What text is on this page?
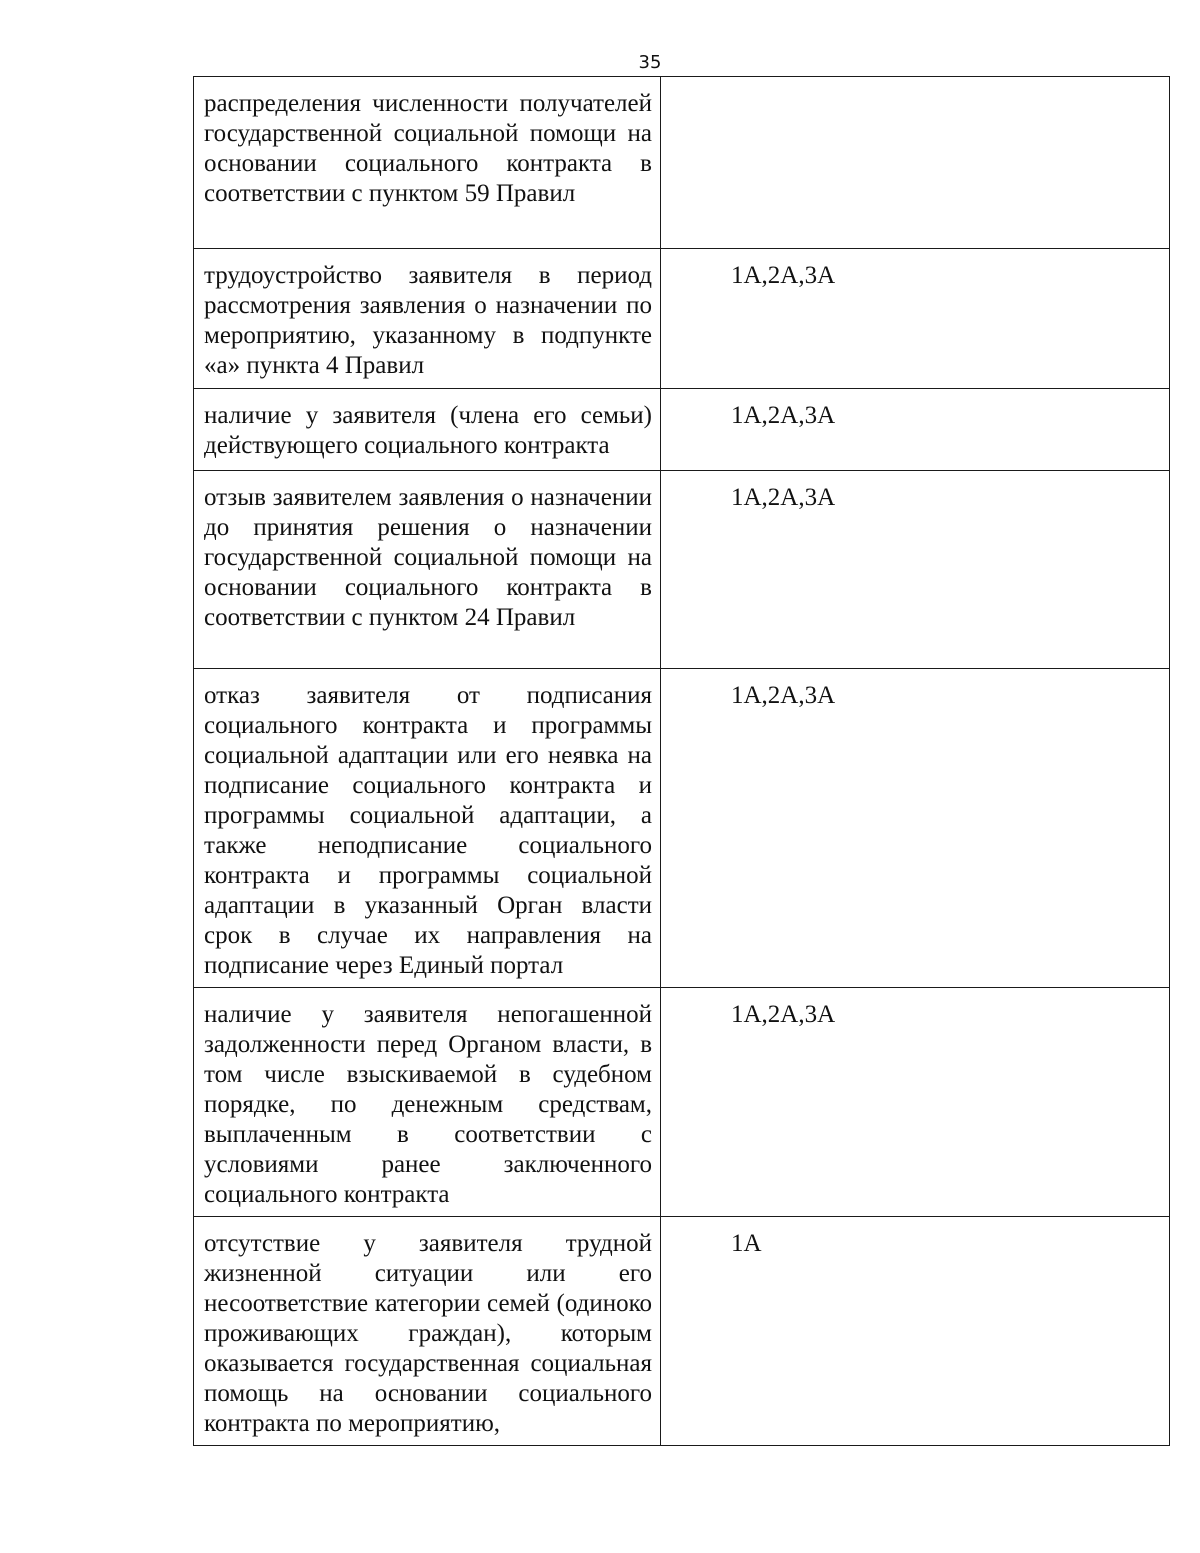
35
распределения численности получателей государственной социальной помощи на основании социального контракта в соответствии с пунктом 59 Правил	
трудоустройство заявителя в период рассмотрения заявления о назначении по мероприятию, указанному в подпункте «а» пункта 4 Правил	1А,2А,3А
наличие у заявителя (члена его семьи) действующего социального контракта	1А,2А,3А
отзыв заявителем заявления о назначении до принятия решения о назначении государственной социальной помощи на основании социального контракта в соответствии с пунктом 24 Правил	1А,2А,3А
отказ заявителя от подписания социального контракта и программы социальной адаптации или его неявка на подписание социального контракта и программы социальной адаптации, а также неподписание социального контракта и программы социальной адаптации в указанный Орган власти срок в случае их направления на подписание через Единый портал	1А,2А,3А
наличие у заявителя непогашенной задолженности перед Органом власти, в том числе взыскиваемой в судебном порядке, по денежным средствам, выплаченным в соответствии с условиями ранее заключенного социального контракта	1А,2А,3А
отсутствие у заявителя трудной жизненной ситуации или его несоответствие категории семей (одиноко проживающих граждан), которым оказывается государственная социальная помощь на основании социального контракта по мероприятию,	1А
